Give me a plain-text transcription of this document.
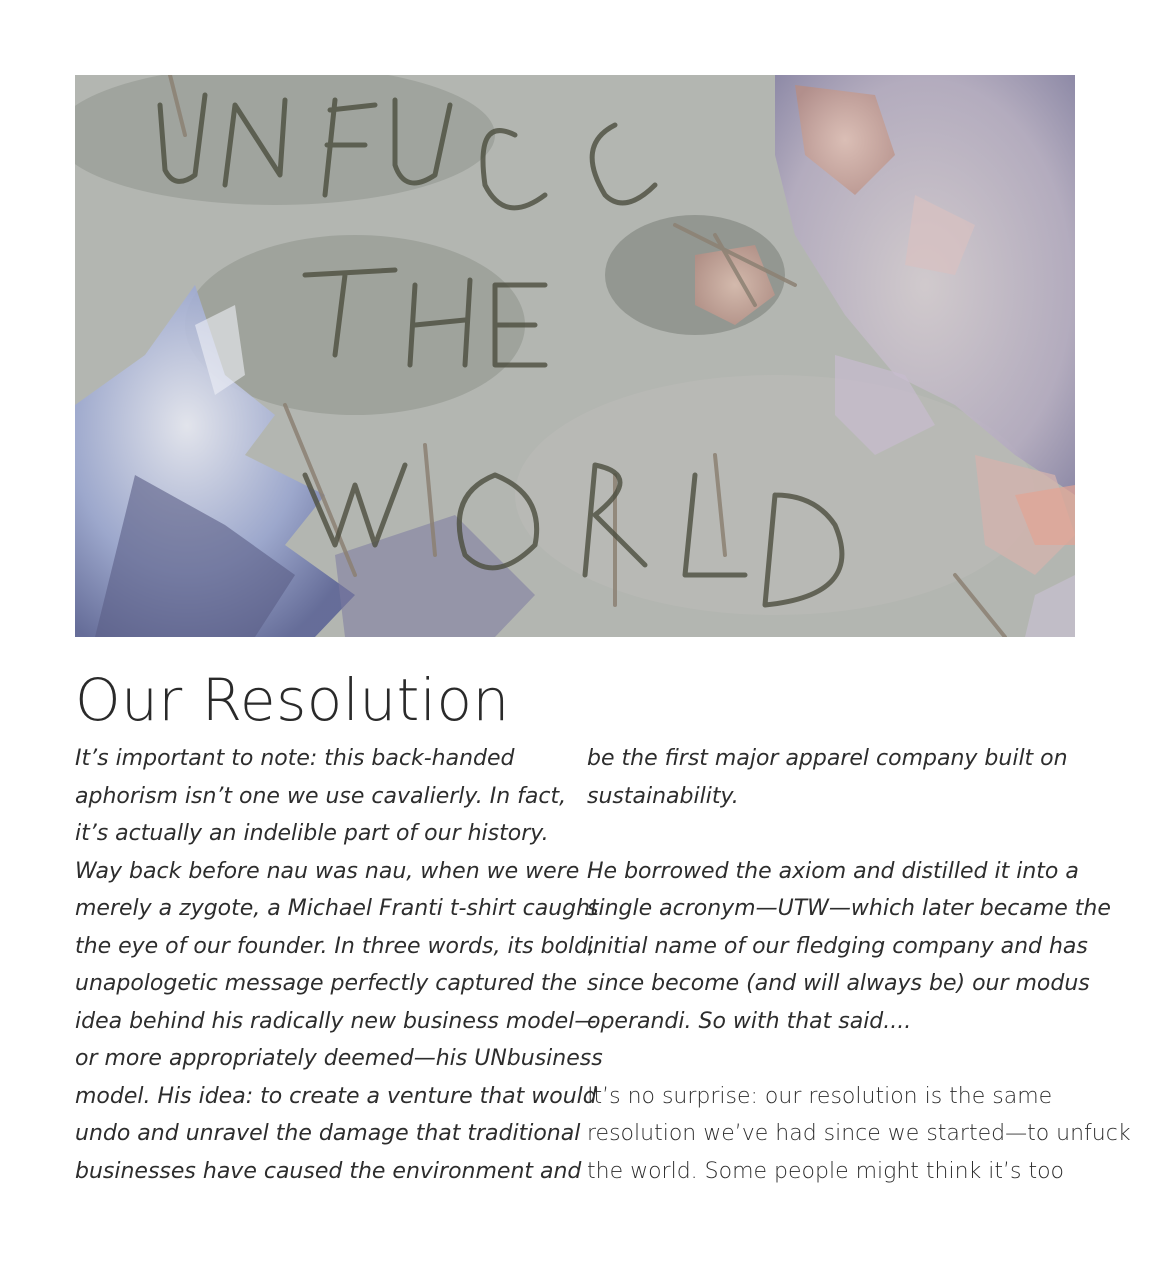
Our Resolution
It’s important to note: this back-handed
aphorism isn’t one we use cavalierly. In fact,
it’s actually an indelible part of our history.
Way back before nau was nau, when we were
merely a zygote, a Michael Franti t-shirt caught
the eye of our founder. In three words, its bold,
unapologetic message perfectly captured the
idea behind his radically new business model—
or more appropriately deemed—his UNbusiness
model. His idea: to create a venture that would
undo and unravel the damage that traditional
businesses have caused the environment and
be the first major apparel company built on
sustainability.
He borrowed the axiom and distilled it into a
single acronym—UTW—which later became the
initial name of our fledging company and has
since become (and will always be) our modus
operandi. So with that said....
It’s no surprise: our resolution is the same
resolution we’ve had since we started—to unfuck
the world. Some people might think it’s too
